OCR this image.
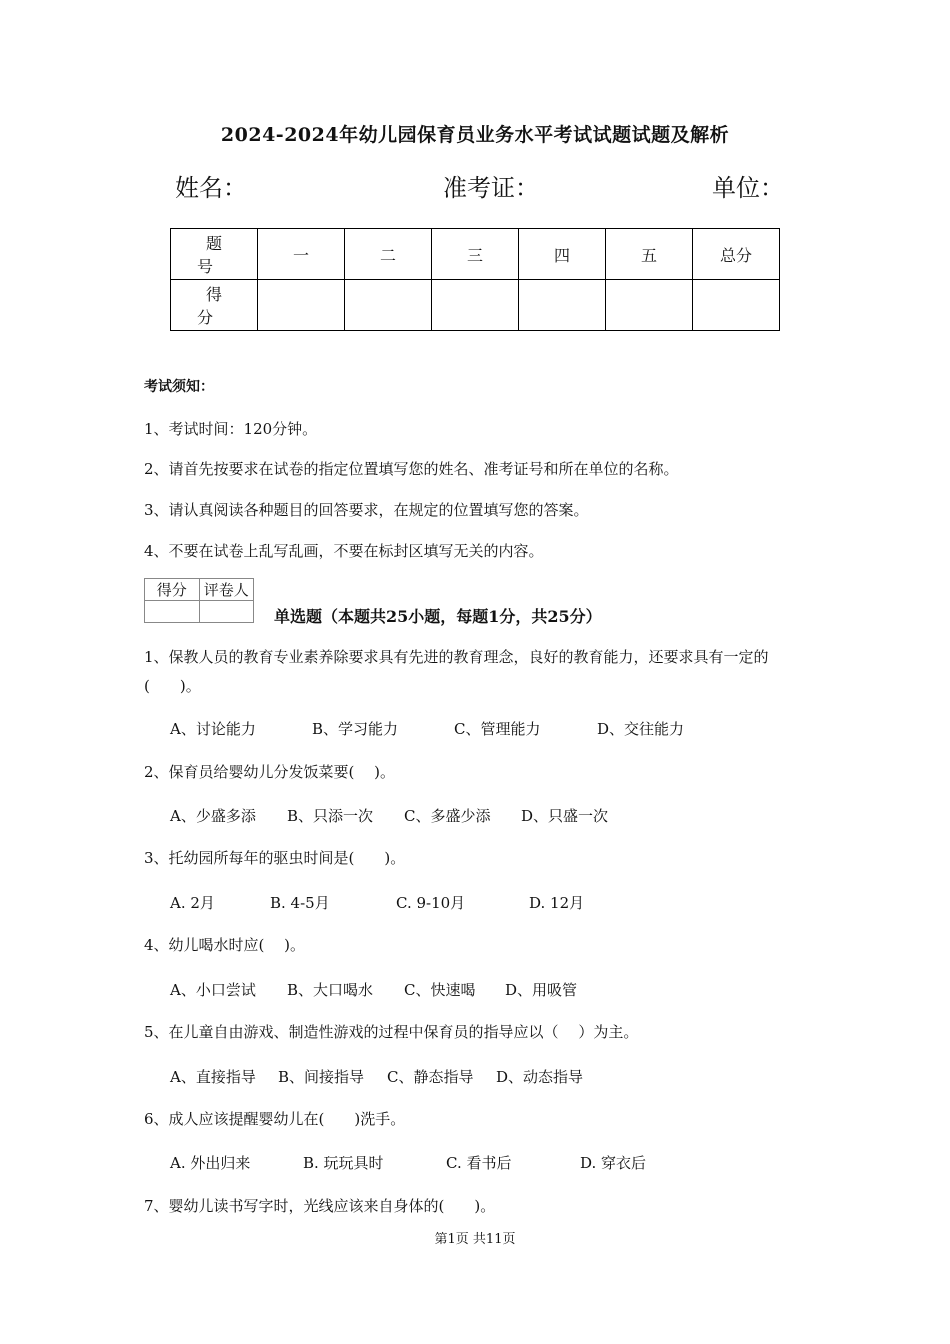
2024-2024年幼儿园保育员业务水平考试试题试题及解析
姓名：	准考证：	单位：
题　号	一	二	三	四	五	总分
得　分						
考试须知：
1、考试时间：120分钟。
2、请首先按要求在试卷的指定位置填写您的姓名、准考证号和所在单位的名称。
3、请认真阅读各种题目的回答要求，在规定的位置填写您的答案。
4、不要在试卷上乱写乱画，不要在标封区填写无关的内容。
得分	评卷人

单选题（本题共25小题，每题1分，共25分）
1、保教人员的教育专业素养除要求具有先进的教育理念，良好的教育能力，还要求具有一定的(　　)。
A、讨论能力	B、学习能力	C、管理能力	D、交往能力
2、保育员给婴幼儿分发饭菜要(　 )。
A、少盛多添 B、只添一次 C、多盛少添 D、只盛一次
3、托幼园所每年的驱虫时间是(　　)。
A. 2月	B. 4-5月	C. 9-10月	D. 12月
4、幼儿喝水时应(　 )。
A、小口尝试 B、大口喝水 C、快速喝 D、用吸管
5、在儿童自由游戏、制造性游戏的过程中保育员的指导应以（　 ）为主。
A、直接指导 B、间接指导 C、静态指导 D、动态指导
6、成人应该提醒婴幼儿在(　　)洗手。
A. 外出归来	B. 玩玩具时	C. 看书后	D. 穿衣后
7、婴幼儿读书写字时，光线应该来自身体的(　　)。
第1页 共11页
